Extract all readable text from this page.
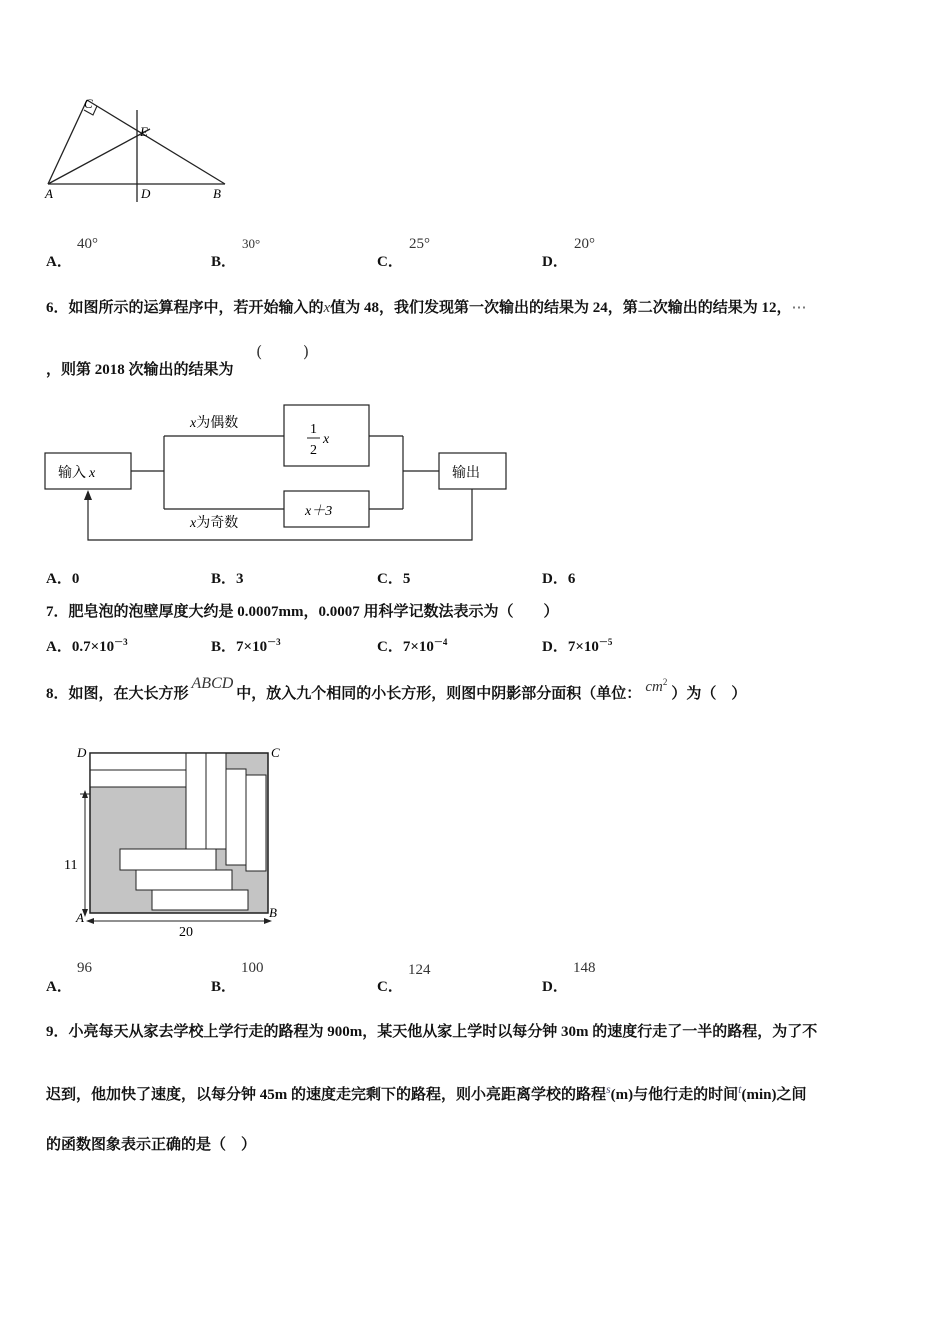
C
E
A	D	B
A．
40°
B．
30°
C．
25°
D．
20°
6．如图所示的运算程序中，若开始输入的x值为 48，我们发现第一次输出的结果为 24，第二次输出的结果为 12，⋯
，则第 2018 次输出的结果为
(        )
输入 x
x为偶数
x为奇数
1
2
x
x＋3
输出
A．0	B．3	C．5	D．6
7．肥皂泡的泡壁厚度大约是 0.0007mm，0.0007 用科学记数法表示为（　　）
A．$0.7\times 10^{-3}$	B．$7\times 10^{-3}$	C．$7\times 10^{-4}$	D．$7\times 10^{-5}$
8．如图，在大长方形ABCD中，放入九个相同的小长方形，则图中阴影部分面积（单位： $cm^2$）为（　）
D	C
A	B
11
20
A．
96
B．
100
C．
124
D．
148
9．小亮每天从家去学校上学行走的路程为 900m，某天他从家上学时以每分钟 30m 的速度行走了一半的路程，为了不
迟到，他加快了速度，以每分钟 45m 的速度走完剩下的路程，则小亮距离学校的路程$^s$(m)与他行走的时间$^t$(min)之间
的函数图象表示正确的是（　）
